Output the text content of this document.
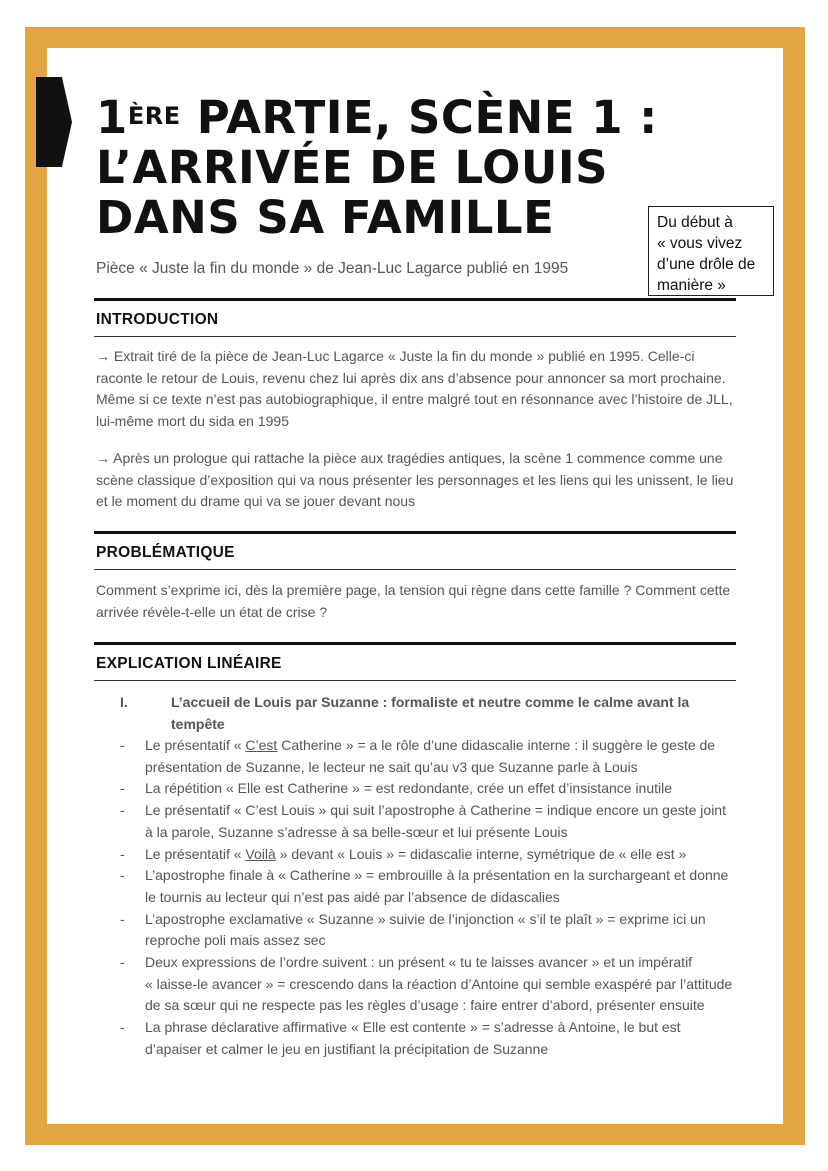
1ÈRE PARTIE, SCÈNE 1 :
L’ARRIVÉE DE LOUIS
DANS SA FAMILLE	Du début à
« vous vivez
d’une drôle de
manière »
Pièce « Juste la fin du monde » de Jean-Luc Lagarce publié en 1995
INTRODUCTION

→ Extrait tiré de la pièce de Jean-Luc Lagarce « Juste la fin du monde » publié en 1995. Celle-ci
raconte le retour de Louis, revenu chez lui après dix ans d’absence pour annoncer sa mort prochaine.
Même si ce texte n’est pas autobiographique, il entre malgré tout en résonnance avec l’histoire de JLL,
lui-même mort du sida en 1995

→ Après un prologue qui rattache la pièce aux tragédies antiques, la scène 1 commence comme une
scène classique d’exposition qui va nous présenter les personnages et les liens qui les unissent, le lieu
et le moment du drame qui va se jouer devant nous

PROBLÉMATIQUE

Comment s’exprime ici, dès la première page, la tension qui règne dans cette famille ? Comment cette
arrivée révèle-t-elle un état de crise ?

EXPLICATION LINÉAIRE
I.	L’accueil de Louis par Suzanne : formaliste et neutre comme le calme avant la
tempête
- Le présentatif « C’est Catherine » = a le rôle d’une didascalie interne : il suggère le geste de
présentation de Suzanne, le lecteur ne sait qu’au v3 que Suzanne parle à Louis
- La répétition « Elle est Catherine » = est redondante, crée un effet d’insistance inutile
- Le présentatif « C’est Louis » qui suit l’apostrophe à Catherine = indique encore un geste joint
à la parole, Suzanne s’adresse à sa belle-sœur et lui présente Louis
- Le présentatif « Voilà » devant « Louis » = didascalie interne, symétrique de « elle est »
- L’apostrophe finale à « Catherine » = embrouille à la présentation en la surchargeant et donne
le tournis au lecteur qui n’est pas aidé par l’absence de didascalies
- L’apostrophe exclamative « Suzanne » suivie de l’injonction « s’il te plaît » = exprime ici un
reproche poli mais assez sec
- Deux expressions de l’ordre suivent : un présent « tu te laisses avancer » et un impératif
« laisse-le avancer » = crescendo dans la réaction d’Antoine qui semble exaspéré par l’attitude
de sa sœur qui ne respecte pas les règles d’usage : faire entrer d’abord, présenter ensuite
- La phrase déclarative affirmative « Elle est contente » = s’adresse à Antoine, le but est
d’apaiser et calmer le jeu en justifiant la précipitation de Suzanne
